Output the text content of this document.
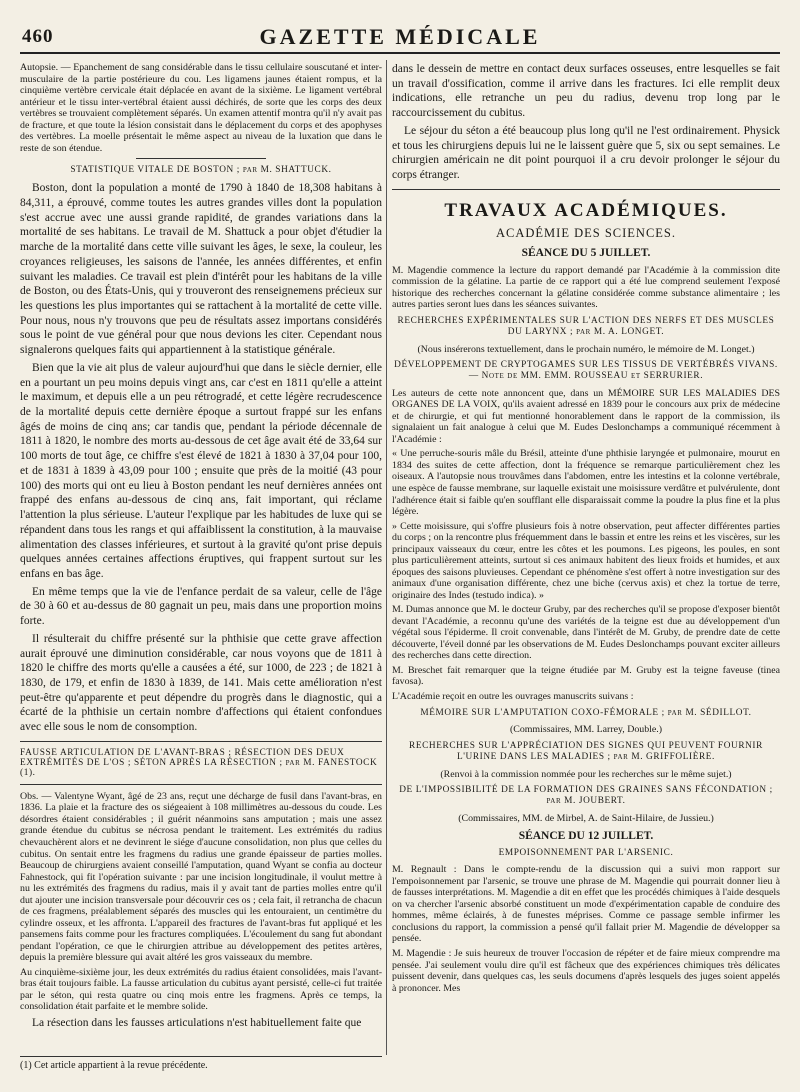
460	GAZETTE MÉDICALE

Autopsie. — Epanchement de sang considérable dans le tissu cellulaire souscutané et inter-musculaire de la partie postérieure du cou. Les ligamens jaunes étaient rompus, et la cinquième vertèbre cervicale était déplacée en avant de la sixième. Le ligament vertébral antérieur et le tissu inter-vertébral étaient aussi déchirés, de sorte que les corps des deux vertèbres se trouvaient complètement séparés. Un examen attentif montra qu'il n'y avait pas de fracture, et que toute la lésion consistait dans le déplacement du corps et des apophyses des vertèbres. La moelle présentait le même aspect au niveau de la luxation que dans le reste de son étendue.

STATISTIQUE VITALE DE BOSTON ; par M. SHATTUCK.

Boston, dont la population a monté de 1790 à 1840 de 18,308 habitans à 84,311, a éprouvé, comme toutes les autres grandes villes dont la population s'est accrue avec une aussi grande rapidité, de grandes variations dans la mortalité de ses habitans. Le travail de M. Shattuck a pour objet d'étudier la marche de la mortalité dans cette ville suivant les âges, le sexe, la couleur, les croyances religieuses, les saisons de l'année, les années différentes, et enfin suivant les maladies. Ce travail est plein d'intérêt pour les habitans de la ville de Boston, ou des États-Unis, qui y trouveront des renseignemens précieux sur les questions les plus importantes qui se rattachent à la mortalité de cette ville. Pour nous, nous n'y trouvons que peu de résultats assez importans considérés sous le point de vue général pour que nous devions les citer. Cependant nous signalerons quelques faits qui appartiennent à la statistique générale.

Bien que la vie ait plus de valeur aujourd'hui que dans le siècle dernier, elle en a pourtant un peu moins depuis vingt ans, car c'est en 1811 qu'elle a atteint le maximum, et depuis elle a un peu rétrogradé, et cette légère recrudescence de la mortalité depuis cette dernière époque a surtout frappé sur les enfans âgés de moins de cinq ans; car tandis que, pendant la période décennale de 1811 à 1820, le nombre des morts au-dessous de cet âge avait été de 33,64 sur 100 morts de tout âge, ce chiffre s'est élevé de 1821 à 1830 à 37,04 pour 100, et de 1831 à 1839 à 43,09 pour 100 ; ensuite que près de la moitié (43 pour 100) des morts qui ont eu lieu à Boston pendant les neuf dernières années ont frappé des enfans au-dessous de cinq ans, fait important, qui réclame l'attention la plus sérieuse. L'auteur l'explique par les habitudes de luxe qui se répandent dans tous les rangs et qui affaiblissent la constitution, à la mauvaise alimentation des classes inférieures, et surtout à la gravité qu'ont prise depuis quelques années certaines affections éruptives, qui frappent surtout sur les enfans en bas âge.

En même temps que la vie de l'enfance perdait de sa valeur, celle de l'âge de 30 à 60 et au-dessus de 80 gagnait un peu, mais dans une proportion moins forte.

Il résulterait du chiffre présenté sur la phthisie que cette grave affection aurait éprouvé une diminution considérable, car nous voyons que de 1811 à 1820 le chiffre des morts qu'elle a causées a été, sur 1000, de 223 ; de 1821 à 1830, de 179, et enfin de 1830 à 1839, de 141. Mais cette amélioration n'est peut-être qu'apparente et peut dépendre du progrès dans le diagnostic, qui a écarté de la phthisie un certain nombre d'affections qui étaient confondues avec elle sous le nom de consomption.

FAUSSE ARTICULATION DE L'AVANT-BRAS ; RÉSECTION DES DEUX EXTRÉMITÉS DE L'OS ; SÉTON APRÈS LA RÉSECTION ; par M. FANESTOCK (1).

Obs. — Valentyne Wyant, âgé de 23 ans, reçut une décharge de fusil dans l'avant-bras, en 1836. La plaie et la fracture des os siégeaient à 108 millimètres au-dessous du coude. Les désordres étaient considérables ; il guérit néanmoins sans amputation ; mais une assez grande étendue du cubitus se nécrosa pendant le traitement. Les extrémités du radius chevauchèrent alors et ne devinrent le siége d'aucune consolidation, non plus que celles du cubitus. On sentait entre les fragmens du radius une grande épaisseur de parties molles. Beaucoup de chirurgiens avaient conseillé l'amputation, quand Wyant se confia au docteur Fahnestock, qui fit l'opération suivante : par une incision longitudinale, il voulut mettre à nu les extrémités des fragmens du radius, mais il y avait tant de parties molles entre qu'il dut ajouter une incision transversale pour découvrir ces os ; cela fait, il retrancha de chacun de ces fragmens, préalablement séparés des muscles qui les entouraient, un centimètre du cylindre osseux, et les affronta. L'appareil des fractures de l'avant-bras fut appliqué et les pansemens faits comme pour les fractures compliquées. L'écoulement du sang fut abondant pendant l'opération, ce que le chirurgien attribue au développement des petites artères, depuis la première blessure qui avait altéré les gros vaisseaux du membre.

Au cinquième-sixième jour, les deux extrémités du radius étaient consolidées, mais l'avant-bras était toujours faible. La fausse articulation du cubitus ayant persisté, celle-ci fut traitée par le séton, qui resta quatre ou cinq mois entre les fragmens. Après ce temps, la consolidation était parfaite et le membre solide.

La résection dans les fausses articulations n'est habituellement faite que

(1) Cet article appartient à la revue précédente.

dans le dessein de mettre en contact deux surfaces osseuses, entre lesquelles se fait un travail d'ossification, comme il arrive dans les fractures. Ici elle remplit deux indications, elle retranche un peu du radius, devenu trop long par le raccourcissement du cubitus.

Le séjour du séton a été beaucoup plus long qu'il ne l'est ordinairement. Physick et tous les chirurgiens depuis lui ne le laissent guère que 5, six ou sept semaines. Le chirurgien américain ne dit point pourquoi il a cru devoir prolonger le séjour du corps étranger.

TRAVAUX ACADÉMIQUES.
ACADÉMIE DES SCIENCES.
SÉANCE DU 5 JUILLET.

M. Magendie commence la lecture du rapport demandé par l'Académie à la commission dite commission de la gélatine. La partie de ce rapport qui a été lue comprend seulement l'exposé historique des recherches concernant la gélatine considérée comme substance alimentaire ; les autres parties seront lues dans les séances suivantes.

RECHERCHES EXPÉRIMENTALES SUR L'ACTION DES NERFS ET DES MUSCLES DU LARYNX ; par M. A. LONGET.

(Nous insérerons textuellement, dans le prochain numéro, le mémoire de M. Longet.)

DÉVELOPPEMENT DE CRYPTOGAMES SUR LES TISSUS DE VERTÉBRÉS VIVANS. — Note de MM. EMM. ROUSSEAU et SERRURIER.

Les auteurs de cette note annoncent que, dans un MÉMOIRE SUR LES MALADIES DES ORGANES DE LA VOIX, qu'ils avaient adressé en 1839 pour le concours aux prix de médecine et de chirurgie, et qui fut mentionné honorablement dans le rapport de la commission, ils signalaient un fait analogue à celui que M. Eudes Deslonchamps a communiqué récemment à l'Académie :

« Une perruche-souris mâle du Brésil, atteinte d'une phthisie laryngée et pulmonaire, mourut en 1834 des suites de cette affection, dont la fréquence se remarque particulièrement chez les oiseaux. A l'autopsie nous trouvâmes dans l'abdomen, entre les intestins et la colonne vertébrale, une espèce de fausse membrane, sur laquelle existait une moisissure verdâtre et pulvérulente, dont l'adhérence était si faible qu'en soufflant elle disparaissait comme la poudre la plus fine et la plus légère.

» Cette moisissure, qui s'offre plusieurs fois à notre observation, peut affecter différentes parties du corps ; on la rencontre plus fréquemment dans le bassin et entre les reins et les viscères, sur les principaux vaisseaux du cœur, entre les côtes et les poumons. Les pigeons, les poules, en sont plus particulièrement atteints, surtout si ces animaux habitent des lieux froids et humides, et aux époques des saisons pluvieuses. Cependant ce phénomène s'est offert à notre investigation sur des animaux d'une organisation différente, chez une biche (cervus axis) et chez la tortue de terre, originaire des Indes (testudo indica). »

M. Dumas annonce que M. le docteur Gruby, par des recherches qu'il se propose d'exposer bientôt devant l'Académie, a reconnu qu'une des variétés de la teigne est due au développement d'un végétal sous l'épiderme. Il croit convenable, dans l'intérêt de M. Gruby, de prendre date de cette découverte, l'éveil donné par les observations de M. Eudes Deslonchamps pouvant exciter ailleurs des recherches dans cette direction.

M. Breschet fait remarquer que la teigne étudiée par M. Gruby est la teigne faveuse (tinea favosa).

L'Académie reçoit en outre les ouvrages manuscrits suivans :

MÉMOIRE SUR L'AMPUTATION COXO-FÉMORALE ; par M. SÉDILLOT.

(Commissaires, MM. Larrey, Double.)

RECHERCHES SUR L'APPRÉCIATION DES SIGNES QUI PEUVENT FOURNIR L'URINE DANS LES MALADIES ; par M. GRIFFOLIÈRE.

(Renvoi à la commission nommée pour les recherches sur le même sujet.)

DE L'IMPOSSIBILITÉ DE LA FORMATION DES GRAINES SANS FÉCONDATION ; par M. JOUBERT.

(Commissaires, MM. de Mirbel, A. de Saint-Hilaire, de Jussieu.)

SÉANCE DU 12 JUILLET.
EMPOISONNEMENT PAR L'ARSENIC.

M. Regnault : Dans le compte-rendu de la discussion qui a suivi mon rapport sur l'empoisonnement par l'arsenic, se trouve une phrase de M. Magendie qui pourrait donner lieu à de fausses interprétations. M. Magendie a dit en effet que les procédés chimiques à l'aide desquels on va chercher l'arsenic absorbé constituent un mode d'expérimentation capable de conduire des hommes, même éclairés, à de funestes méprises. Comme ce passage semble infirmer les conclusions du rapport, la commission a pensé qu'il fallait prier M. Magendie de développer sa pensée.

M. Magendie : Je suis heureux de trouver l'occasion de répéter et de faire mieux comprendre ma pensée. J'ai seulement voulu dire qu'il est fâcheux que des expériences chimiques très délicates puissent devenir, dans quelques cas, les seuls documens d'après lesquels des juges soient appelés à prononcer. Mes
